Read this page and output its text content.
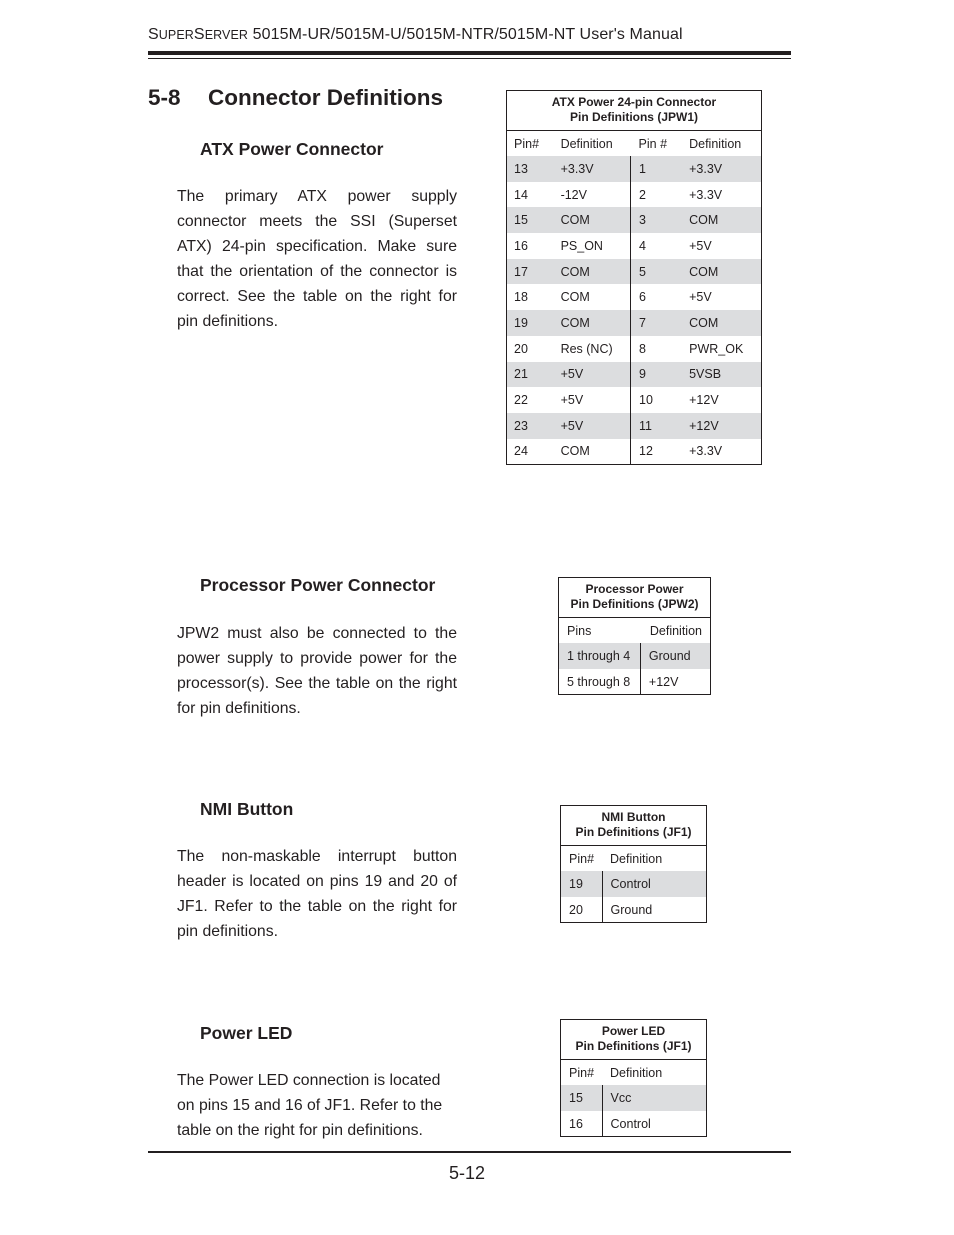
SUPERSERVER 5015M-UR/5015M-U/5015M-NTR/5015M-NT User's Manual
5-8 Connector Definitions
ATX Power Connector

The primary ATX power supply connector meets the SSI (Superset ATX) 24-pin specification. Make sure that the orientation of the connector is correct. See the table on the right for pin definitions.

ATX Power 24-pin Connector
Pin Definitions (JPW1)			
Pin#	Definition	Pin #	Definition
13	+3.3V	1	+3.3V
14	-12V	2	+3.3V
15	COM	3	COM
16	PS_ON	4	+5V
17	COM	5	COM
18	COM	6	+5V
19	COM	7	COM
20	Res (NC)	8	PWR_OK
21	+5V	9	5VSB
22	+5V	10	+12V
23	+5V	11	+12V
24	COM	12	+3.3V
Processor Power Connector

JPW2 must also be connected to the power supply to provide power for the processor(s). See the table on the right for pin definitions.

Processor Power
Pin Definitions (JPW2)	
Pins	Definition
1 through 4	Ground
5 through 8	+12V
NMI Button

The non-maskable interrupt button header is located on pins 19 and 20 of JF1. Refer to the table on the right for pin definitions.

NMI Button
Pin Definitions (JF1)	
Pin#	Definition
19	Control
20	Ground
Power LED

The Power LED connection is located on pins 15 and 16 of JF1. Refer to the table on the right for pin definitions.

Power LED
Pin Definitions (JF1)	
Pin#	Definition
15	Vcc
16	Control
5-12
